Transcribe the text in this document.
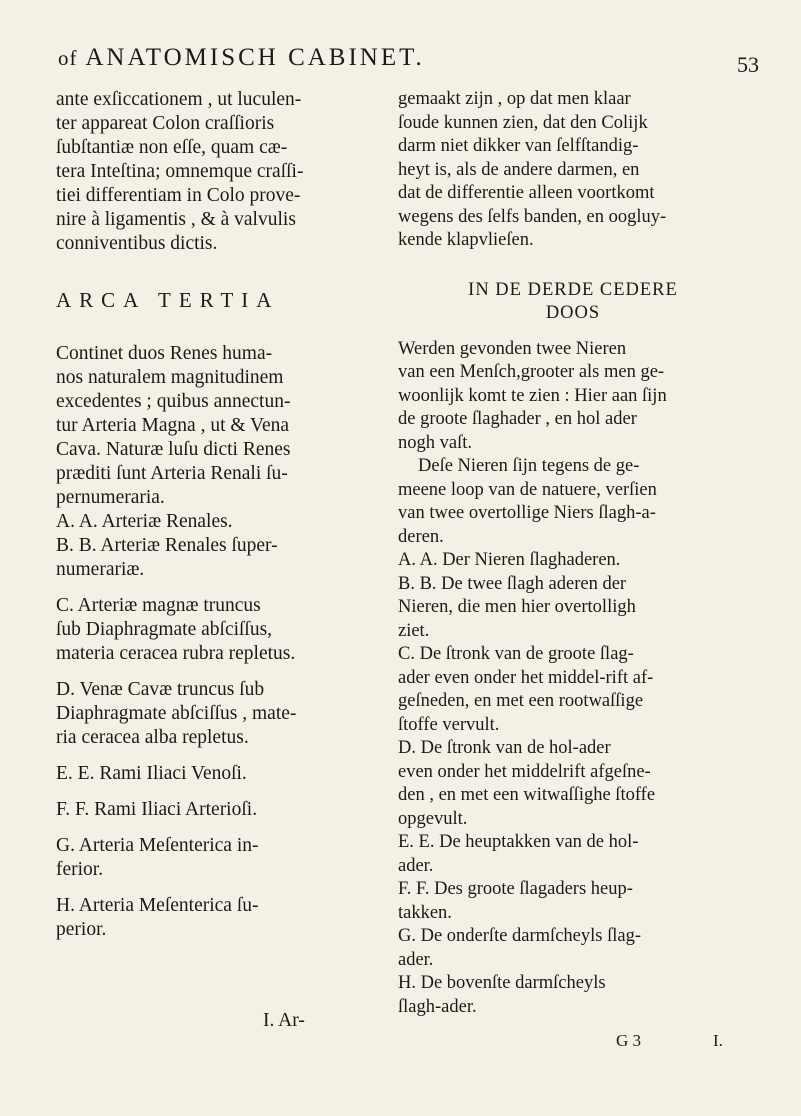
of ANATOMISCH CABINET.	53
ante exſiccationem , ut luculen-
ter appareat Colon craſſioris
ſubſtantiæ non eſſe, quam cæ-
tera Inteſtina; omnemque craſſi-
tiei differentiam in Colo prove-
nire à ligamentis , & à valvulis
conniventibus dictis.
ARCA TERTIA
Continet duos Renes huma-
nos naturalem magnitudinem
excedentes ; quibus annectun-
tur Arteria Magna , ut & Vena
Cava. Naturæ luſu dicti Renes
præditi ſunt Arteria Renali ſu-
pernumeraria.
A. A. Arteriæ Renales.
B. B. Arteriæ Renales ſuper-
numerariæ.
C. Arteriæ magnæ truncus
ſub Diaphragmate abſciſſus,
materia ceracea rubra repletus.
D. Venæ Cavæ truncus ſub
Diaphragmate abſciſſus , mate-
ria ceracea alba repletus.
E. E. Rami Iliaci Venoſi.
F. F. Rami Iliaci Arterioſi.
G. Arteria Meſenterica in-
ferior.
H. Arteria Meſenterica ſu-
perior.
I. Ar-
gemaakt zijn , op dat men klaar
ſoude kunnen zien, dat den Colijk
darm niet dikker van ſelfſtandig-
heyt is, als de andere darmen, en
dat de differentie alleen voortkomt
wegens des ſelfs banden, en oogluy-
kende klapvlieſen.
IN DE DERDE CEDERE
DOOS
Werden gevonden twee Nieren
van een Menſch,grooter als men ge-
woonlijk komt te zien : Hier aan ſijn
de groote ſlaghader , en hol ader
nogh vaſt.
Deſe Nieren ſijn tegens de ge-
meene loop van de natuere, verſien
van twee overtollige Niers ſlagh-a-
deren.
A. A. Der Nieren ſlaghaderen.
B. B. De twee ſlagh aderen der
Nieren, die men hier overtolligh
ziet.
C. De ſtronk van de groote ſlag-
ader even onder het middel-rift af-
geſneden, en met een rootwaſſige
ſtoffe vervult.
D. De ſtronk van de hol-ader
even onder het middelrift afgeſne-
den , en met een witwaſſighe ſtoffe
opgevult.
E. E. De heuptakken van de hol-
ader.
F. F. Des groote ſlagaders heup-
takken.
G. De onderſte darmſcheyls ſlag-
ader.
H. De bovenſte darmſcheyls
ſlagh-ader.
G 3	I.
